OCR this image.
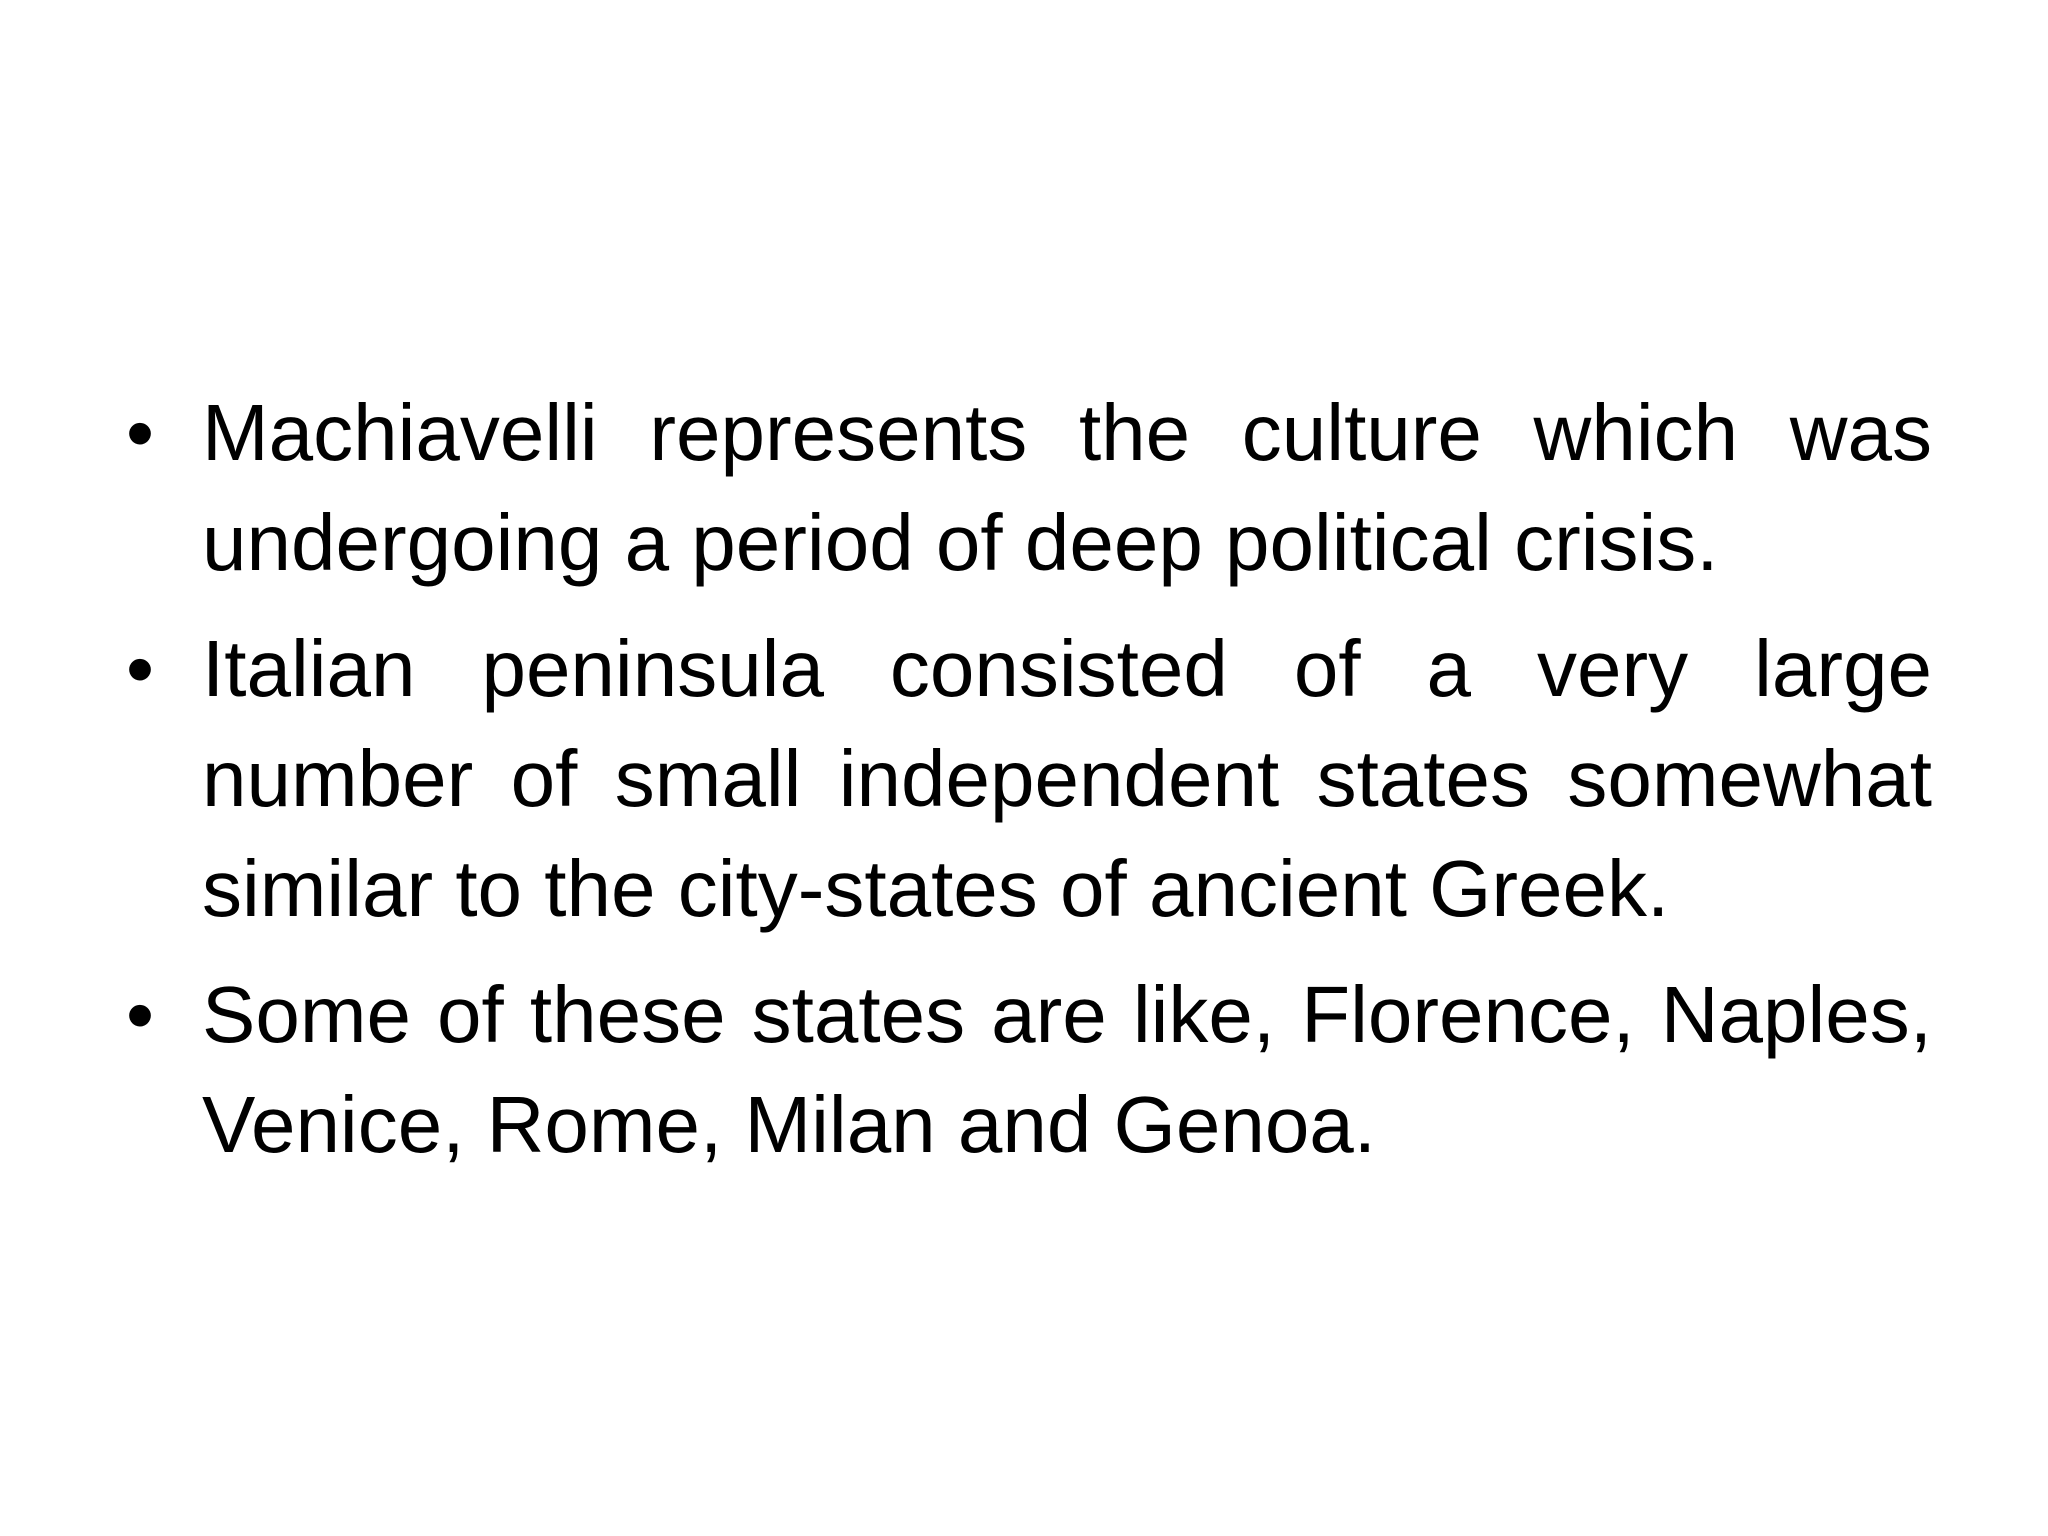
• Machiavelli represents the culture which was undergoing a period of deep political crisis.
• Italian peninsula consisted of a very large number of small independent states somewhat similar to the city-states of ancient Greek.
• Some of these states are like, Florence, Naples, Venice, Rome, Milan and Genoa.
